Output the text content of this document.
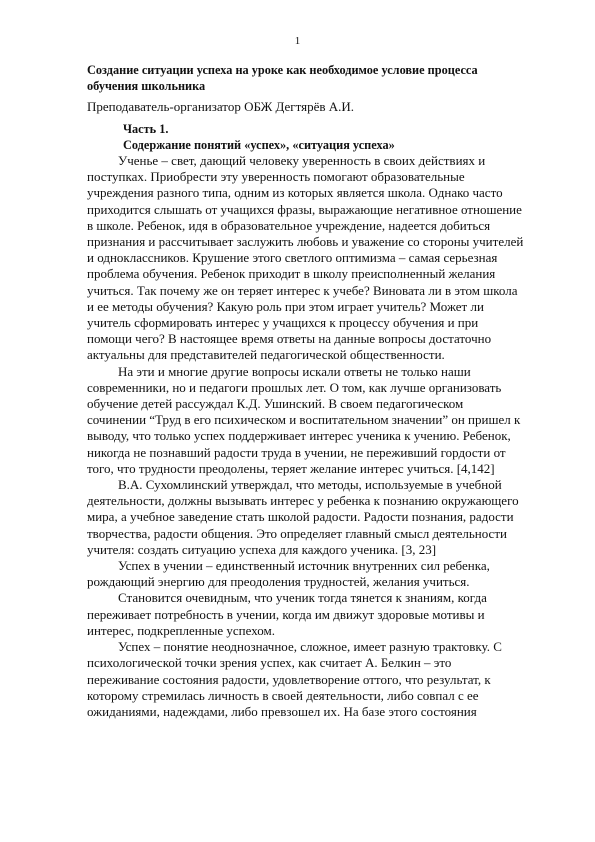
1

Создание ситуации успеха на уроке как необходимое условие процесса
обучения школьника

Преподаватель-организатор ОБЖ Дегтярёв А.И.

Часть 1.

Содержание понятий «успех», «ситуация успеха»

Ученье – свет, дающий человеку уверенность в своих действиях и
поступках. Приобрести эту уверенность помогают образовательные
учреждения разного типа, одним из которых является школа. Однако часто
приходится слышать от учащихся фразы, выражающие негативное отношение
в школе. Ребенок, идя в образовательное учреждение, надеется добиться
признания и рассчитывает заслужить любовь и уважение со стороны учителей
и одноклассников. Крушение этого светлого оптимизма – самая серьезная
проблема обучения. Ребенок приходит в школу преисполненный желания
учиться. Так почему же он теряет интерес к учебе? Виновата ли в этом школа
и ее методы обучения? Какую роль при этом играет учитель? Может ли
учитель сформировать интерес у учащихся к процессу обучения и при
помощи чего? В настоящее время ответы на данные вопросы достаточно
актуальны для представителей педагогической общественности.

На эти и многие другие вопросы искали ответы не только наши
современники, но и педагоги прошлых лет. О том, как лучше организовать
обучение детей рассуждал К.Д. Ушинский. В своем педагогическом
сочинении “Труд в его психическом и воспитательном значении” он пришел к
выводу, что только успех поддерживает интерес ученика к учению. Ребенок,
никогда не познавший радости труда в учении, не переживший гордости от
того, что трудности преодолены, теряет желание интерес учиться. [4,142]

В.А. Сухомлинский утверждал, что методы, используемые в учебной
деятельности, должны вызывать интерес у ребенка к познанию окружающего
мира, а учебное заведение стать школой радости. Радости познания, радости
творчества, радости общения. Это определяет главный смысл деятельности
учителя: создать ситуацию успеха для каждого ученика. [3, 23]

Успех в учении – единственный источник внутренних сил ребенка,
рождающий энергию для преодоления трудностей, желания учиться.

Становится очевидным, что ученик тогда тянется к знаниям, когда
переживает потребность в учении, когда им движут здоровые мотивы и
интерес, подкрепленные успехом.

Успех – понятие неоднозначное, сложное, имеет разную трактовку. С
психологической точки зрения успех, как считает А. Белкин – это
переживание состояния радости, удовлетворение оттого, что результат, к
которому стремилась личность в своей деятельности, либо совпал с ее
ожиданиями, надеждами, либо превзошел их. На базе этого состояния
